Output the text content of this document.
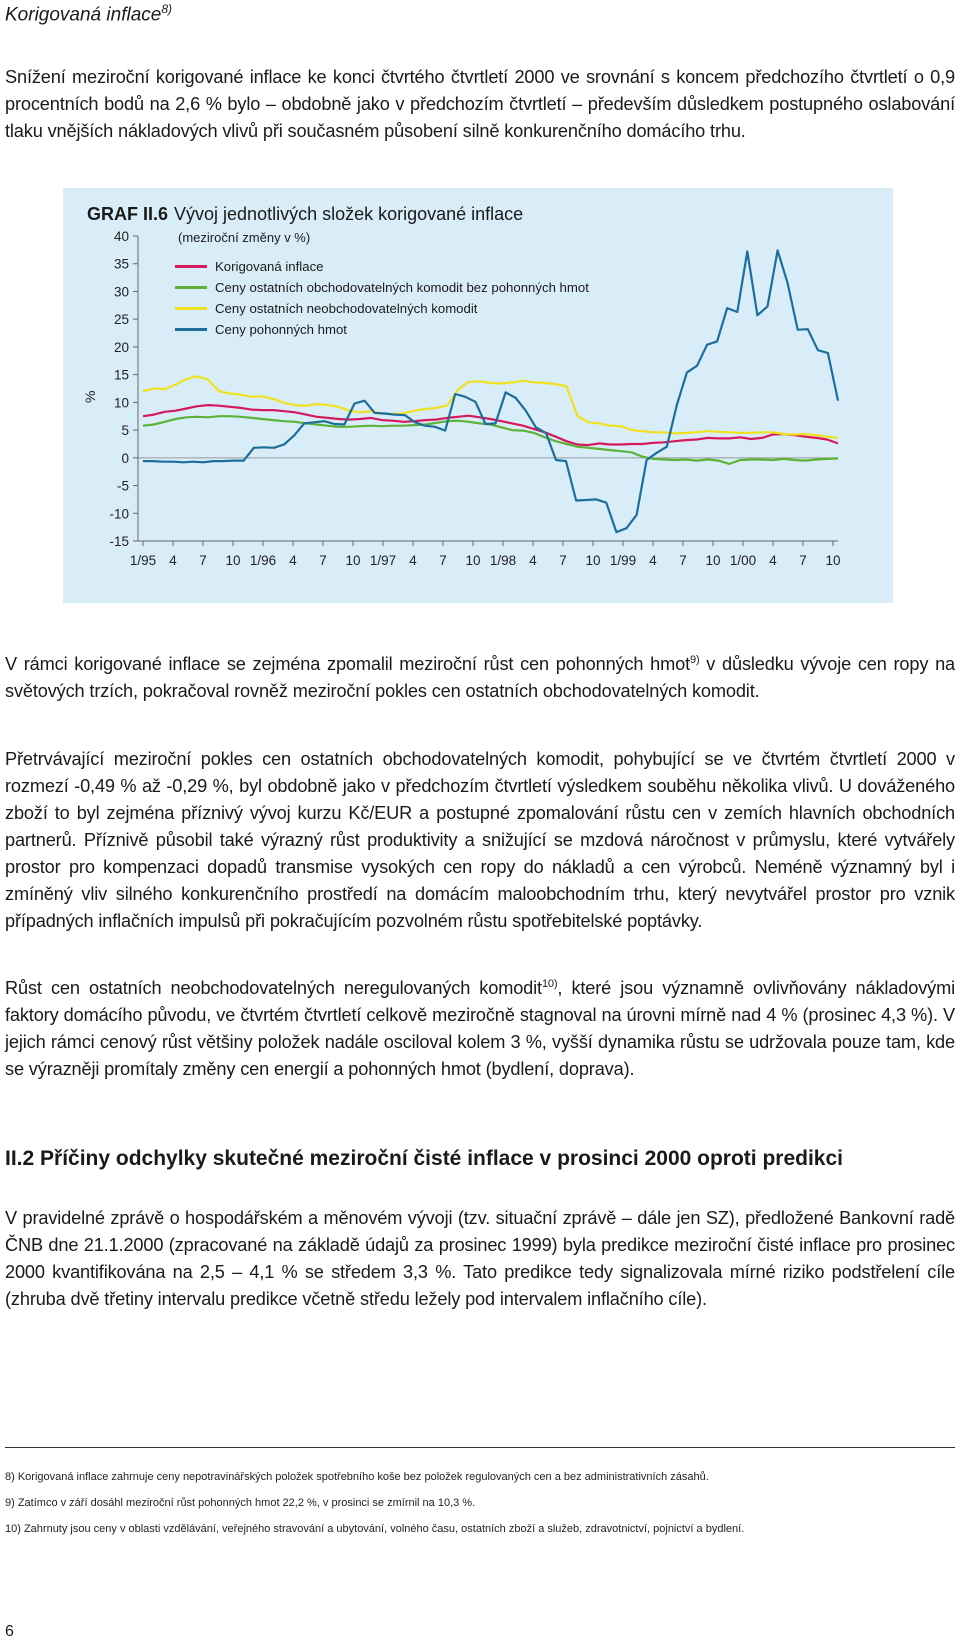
Korigovaná inflace$^{8)}$
Snížení meziroční korigované inflace ke konci čtvrtého čtvrtletí 2000 ve srovnání s koncem předchozího čtvrtletí o 0,9 procentních bodů na 2,6 % bylo – obdobně jako v předchozím čtvrtletí – především důsledkem postupného oslabování tlaku vnějších nákladových vlivů při současném působení silně konkurenčního domácího trhu.
40
35
30
25
20
15
10
5
0
-5
-10
-15
%
1/95 4 7 10 1/96 4 7 10 1/97 4 7 10 1/98 4 7 10 1/99 4 7 10 1/00 4 7 10
GRAF II.6 Vývoj jednotlivých složek korigované inflace
(meziroční změny v %)
Korigovaná inflace
Ceny ostatních obchodovatelných komodit bez pohonných hmot
Ceny ostatních neobchodovatelných komodit
Ceny pohonných hmot
V rámci korigované inflace se zejména zpomalil meziroční růst cen pohonných hmot$^{9)}$ v důsledku vývoje cen ropy na světových trzích, pokračoval rovněž meziroční pokles cen ostatních obchodovatelných komodit.
Přetrvávající meziroční pokles cen ostatních obchodovatelných komodit, pohybující se ve čtvrtém čtvrtletí 2000 v rozmezí -0,49 % až -0,29 %, byl obdobně jako v předchozím čtvrtletí výsledkem souběhu několika vlivů. U dováženého zboží to byl zejména příznivý vývoj kurzu Kč/EUR a postupné zpomalování růstu cen v zemích hlavních obchodních partnerů. Příznivě působil také výrazný růst produktivity a snižující se mzdová náročnost v průmyslu, které vytvářely prostor pro kompenzaci dopadů transmise vysokých cen ropy do nákladů a cen výrobců. Neméně významný byl i zmíněný vliv silného konkurenčního prostředí na domácím maloobchodním trhu, který nevytvářel prostor pro vznik případných inflačních impulsů při pokračujícím pozvolném růstu spotřebitelské poptávky.
Růst cen ostatních neobchodovatelných neregulovaných komodit$^{10)}$, které jsou významně ovlivňovány nákladovými faktory domácího původu, ve čtvrtém čtvrtletí celkově meziročně stagnoval na úrovni mírně nad 4 % (prosinec 4,3 %). V jejich rámci cenový růst většiny položek nadále osciloval kolem 3 %, vyšší dynamika růstu se udržovala pouze tam, kde se výrazněji promítaly změny cen energií a pohonných hmot (bydlení, doprava).
II.2 Příčiny odchylky skutečné meziroční čisté inflace v prosinci 2000 oproti predikci
V pravidelné zprávě o hospodářském a měnovém vývoji (tzv. situační zprávě – dále jen SZ), předložené Bankovní radě ČNB dne 21.1.2000 (zpracované na základě údajů za prosinec 1999) byla predikce meziroční čisté inflace pro prosinec 2000 kvantifikována na 2,5 – 4,1 % se středem 3,3 %. Tato predikce tedy signalizovala mírné riziko podstřelení cíle (zhruba dvě třetiny intervalu predikce včetně středu ležely pod intervalem inflačního cíle).
8) Korigovaná inflace zahrnuje ceny nepotravinářských položek spotřebního koše bez položek regulovaných cen a bez administrativních zásahů.
9) Zatímco v září dosáhl meziroční růst pohonných hmot 22,2 %, v prosinci se zmírnil na 10,3 %.
10) Zahrnuty jsou ceny v oblasti vzdělávání, veřejného stravování a ubytování, volného času, ostatních zboží a služeb, zdravotnictví, pojnictví a bydlení.
6
